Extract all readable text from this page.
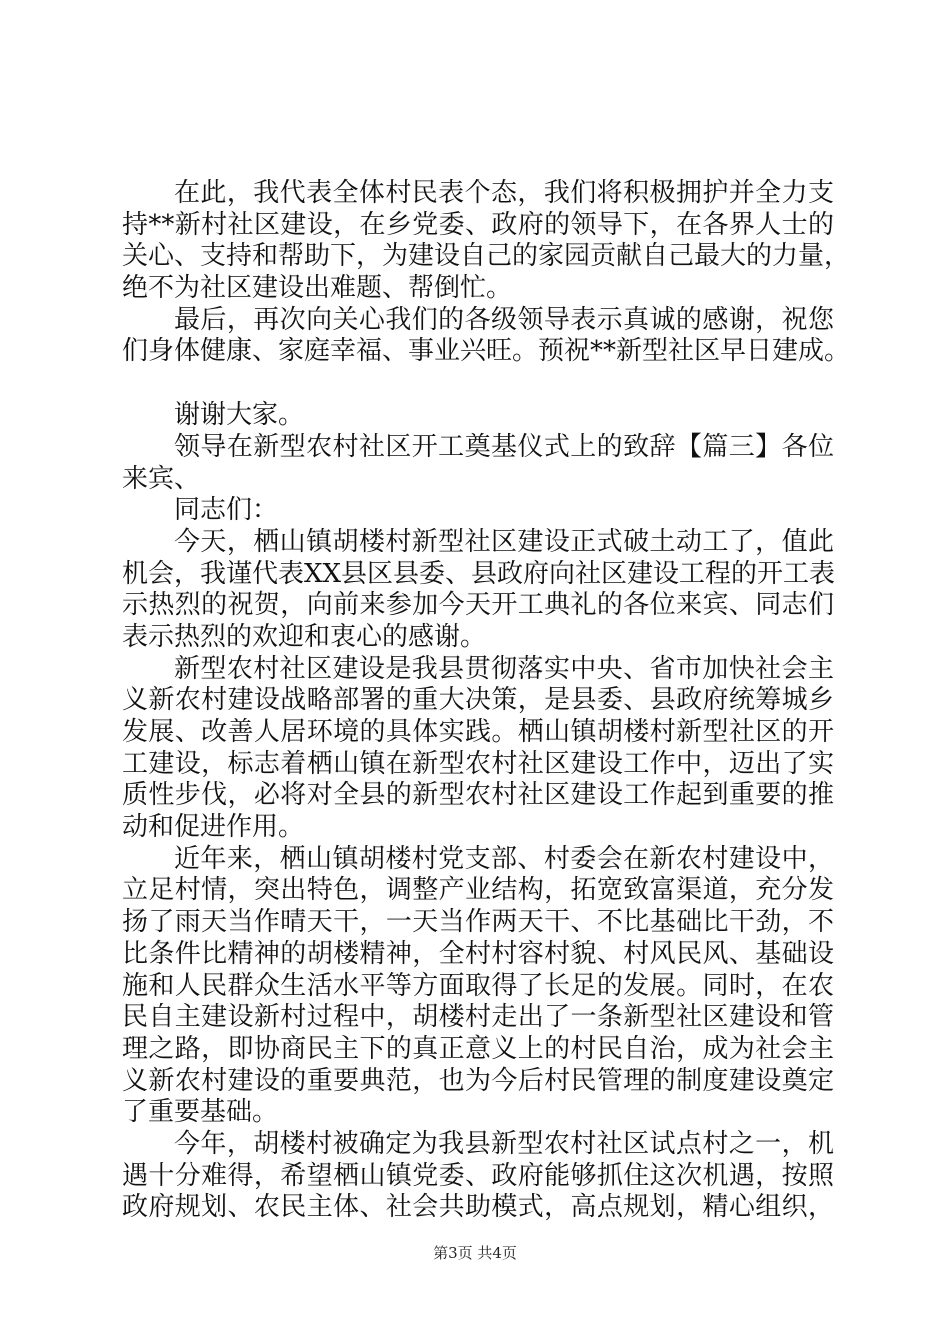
在此，我代表全体村民表个态，我们将积极拥护并全力支
持**新村社区建设，在乡党委、政府的领导下，在各界人士的
关心、支持和帮助下，为建设自己的家园贡献自己最大的力量，
绝不为社区建设出难题、帮倒忙。
最后，再次向关心我们的各级领导表示真诚的感谢，祝您
们身体健康、家庭幸福、事业兴旺。预祝**新型社区早日建成。
谢谢大家。
领导在新型农村社区开工奠基仪式上的致辞【篇三】各位
来宾、
同志们：
今天，栖山镇胡楼村新型社区建设正式破土动工了，值此
机会，我谨代表XX县区县委、县政府向社区建设工程的开工表
示热烈的祝贺，向前来参加今天开工典礼的各位来宾、同志们
表示热烈的欢迎和衷心的感谢。
新型农村社区建设是我县贯彻落实中央、省市加快社会主
义新农村建设战略部署的重大决策，是县委、县政府统筹城乡
发展、改善人居环境的具体实践。栖山镇胡楼村新型社区的开
工建设，标志着栖山镇在新型农村社区建设工作中，迈出了实
质性步伐，必将对全县的新型农村社区建设工作起到重要的推
动和促进作用。
近年来，栖山镇胡楼村党支部、村委会在新农村建设中，
立足村情，突出特色，调整产业结构，拓宽致富渠道，充分发
扬了雨天当作晴天干，一天当作两天干、不比基础比干劲，不
比条件比精神的胡楼精神，全村村容村貌、村风民风、基础设
施和人民群众生活水平等方面取得了长足的发展。同时，在农
民自主建设新村过程中，胡楼村走出了一条新型社区建设和管
理之路，即协商民主下的真正意义上的村民自治，成为社会主
义新农村建设的重要典范，也为今后村民管理的制度建设奠定
了重要基础。
今年，胡楼村被确定为我县新型农村社区试点村之一，机
遇十分难得，希望栖山镇党委、政府能够抓住这次机遇，按照
政府规划、农民主体、社会共助模式，高点规划，精心组织，
第3页 共4页
